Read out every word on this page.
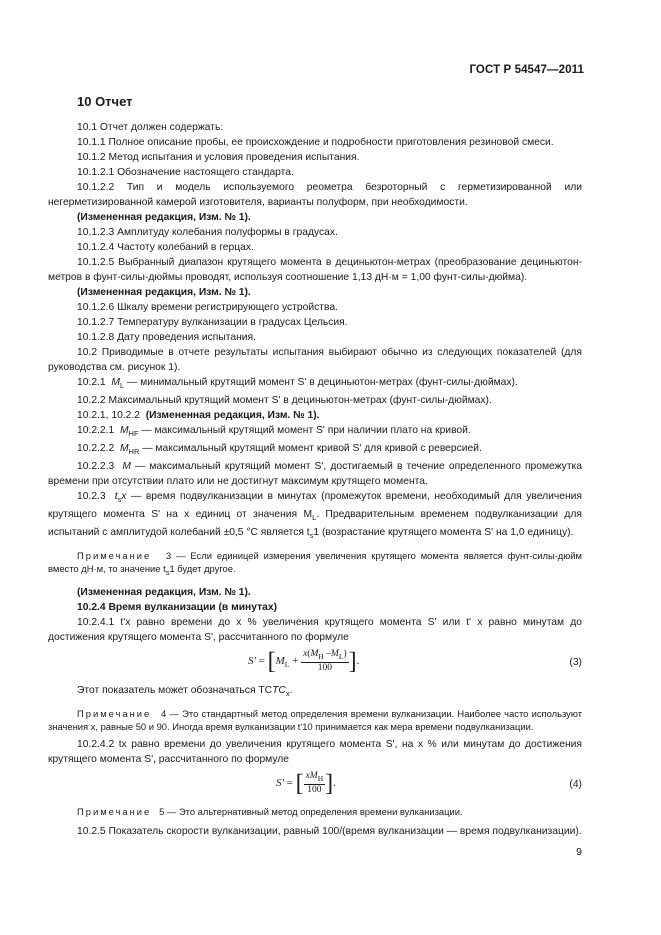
ГОСТ Р 54547—2011
10 Отчет

10.1 Отчет должен содержать:

10.1.1 Полное описание пробы, ее происхождение и подробности приготовления резиновой смеси.

10.1.2 Метод испытания и условия проведения испытания.

10.1.2.1 Обозначение настоящего стандарта.

10.1.2.2 Тип и модель используемого реометра безроторный с герметизированной или негерметизированной камерой изготовителя, варианты полуформ, при необходимости.

(Измененная редакция, Изм. № 1).

10.1.2.3 Амплитуду колебания полуформы в градусах.

10.1.2.4 Частоту колебаний в герцах.

10.1.2.5 Выбранный диапазон крутящего момента в дециньютон-метрах (преобразование дециньютон-метров в фунт-силы-дюймы проводят, используя соотношение 1,13 дН·м = 1,00 фунт-силы-дюйма).

(Измененная редакция, Изм. № 1).

10.1.2.6 Шкалу времени регистрирующего устройства.

10.1.2.7 Температуру вулканизации в градусах Цельсия.

10.1.2.8 Дату проведения испытания.

10.2 Приводимые в отчете результаты испытания выбирают обычно из следующих показателей (для руководства см. рисунок 1).

10.2.1 $M_L$ — минимальный крутящий момент S' в дециньютон-метрах (фунт-силы-дюймах).

10.2.2 Максимальный крутящий момент S' в дециньютон-метрах (фунт-силы-дюймах).

10.2.1, 10.2.2 (Измененная редакция, Изм. № 1).

10.2.2.1 $M_{HF}$ — максимальный крутящий момент S' при наличии плато на кривой.

10.2.2.2 $M_{HR}$ — максимальный крутящий момент кривой S' для кривой с реверсией.

10.2.2.3 M — максимальный крутящий момент S', достигаемый в течение определенного промежутка времени при отсутствии плато или не достигнут максимум крутящего момента.

10.2.3 $t_sx$ — время подвулканизации в минутах (промежуток времени, необходимый для увеличения крутящего момента S' на x единиц от значения $M_L$. Предварительным временем подвулканизации для испытаний с амплитудой колебаний ±0,5 °С является $t_s1$ (возрастание крутящего момента S' на 1,0 единицу).

Примечание 3 — Если единицей измерения увеличения крутящего момента является фунт-силы-дюйм вместо дН·м, то значение $t_s1$ будет другое.

(Измененная редакция, Изм. № 1).

10.2.4 Время вулканизации (в минутах)

10.2.4.1 t'x равно времени до x % увеличения крутящего момента S' или t' x равно минутам до достижения крутящего момента S', рассчитанного по формуле

$S' = [M_L + \frac{x(M_H -M_L)}{100}$ ].	(3)

Этот показатель может обозначаться $TCTC_x$.

Примечание 4 — Это стандартный метод определения времени вулканизации. Наиболее часто используют значения x, равные 50 и 90. Иногда время вулканизации t'10 принимается как мера времени подвулканизации.

10.2.4.2 tx равно времени до увеличения крутящего момента S', на x % или минутам до достижения крутящего момента S', рассчитанного по формуле

S' = [ $\frac{xM_H}{100}$ ].	(4)

Примечание 5 — Это альтернативный метод определения времени вулканизации.

10.2.5 Показатель скорости вулканизации, равный 100/(время вулканизации — время подвулканизации).

9
